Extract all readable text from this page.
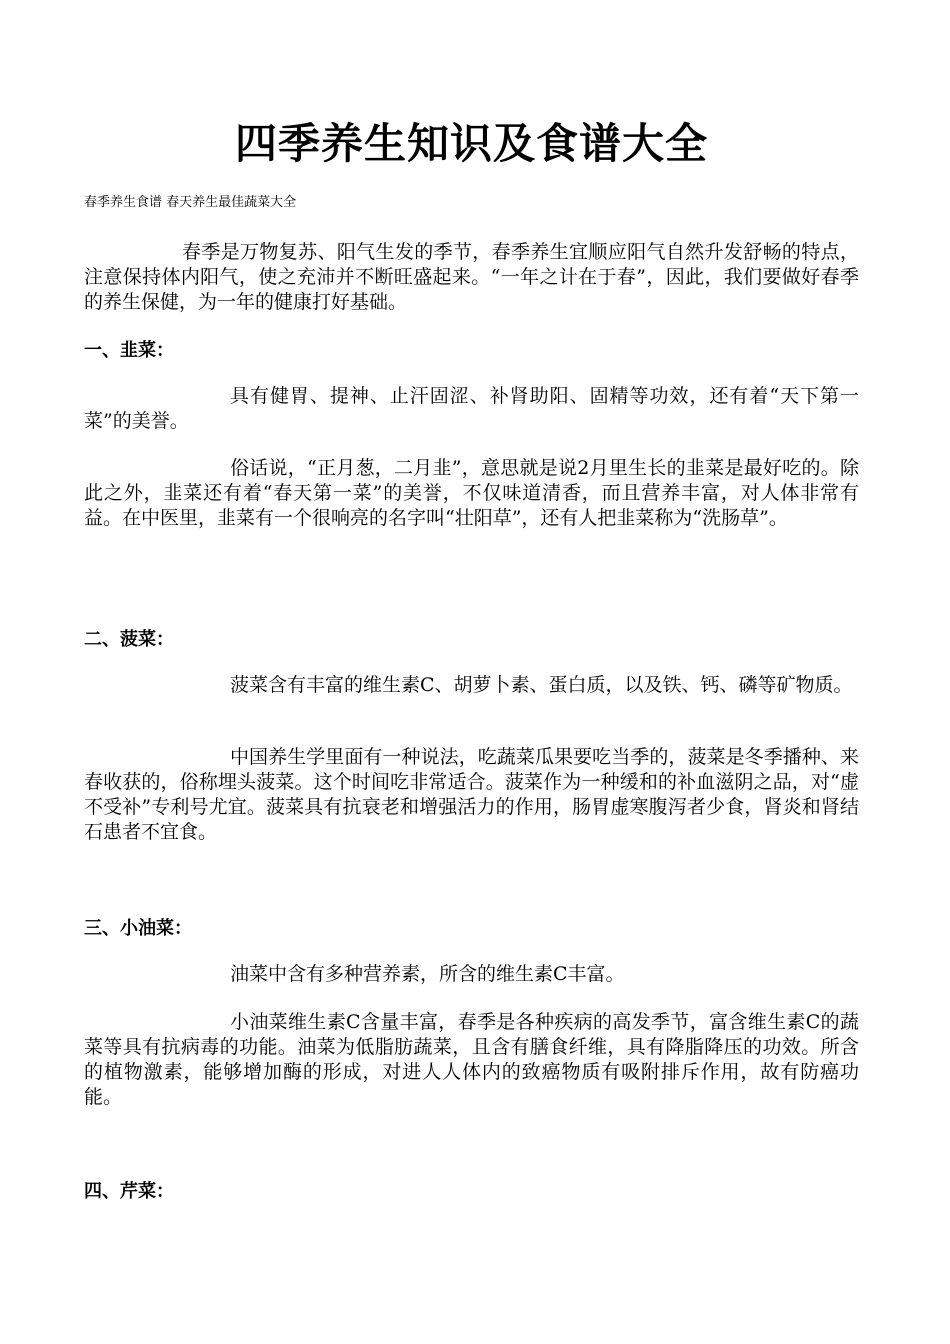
四季养生知识及食谱大全

春季养生食谱 春天养生最佳蔬菜大全

春季是万物复苏、阳气生发的季节，春季养生宜顺应阳气自然升发舒畅的特点，注意保持体内阳气，使之充沛并不断旺盛起来。“一年之计在于春”，因此，我们要做好春季的养生保健，为一年的健康打好基础。

一、韭菜：

具有健胃、提神、止汗固涩、补肾助阳、固精等功效，还有着“天下第一菜”的美誉。

俗话说，“正月葱，二月韭”，意思就是说2月里生长的韭菜是最好吃的。除此之外，韭菜还有着“春天第一菜”的美誉，不仅味道清香，而且营养丰富，对人体非常有益。在中医里，韭菜有一个很响亮的名字叫“壮阳草”，还有人把韭菜称为“洗肠草”。

二、菠菜：

菠菜含有丰富的维生素C、胡萝卜素、蛋白质，以及铁、钙、磷等矿物质。

中国养生学里面有一种说法，吃蔬菜瓜果要吃当季的，菠菜是冬季播种、来春收获的，俗称埋头菠菜。这个时间吃非常适合。菠菜作为一种缓和的补血滋阴之品，对“虚不受补”专利号尤宜。菠菜具有抗衰老和增强活力的作用，肠胃虚寒腹泻者少食，肾炎和肾结石患者不宜食。

三、小油菜：

油菜中含有多种营养素，所含的维生素C丰富。

小油菜维生素C含量丰富，春季是各种疾病的高发季节，富含维生素C的蔬菜等具有抗病毒的功能。油菜为低脂肪蔬菜，且含有膳食纤维，具有降脂降压的功效。所含的植物激素，能够增加酶的形成，对进人人体内的致癌物质有吸附排斥作用，故有防癌功能。

四、芹菜：
